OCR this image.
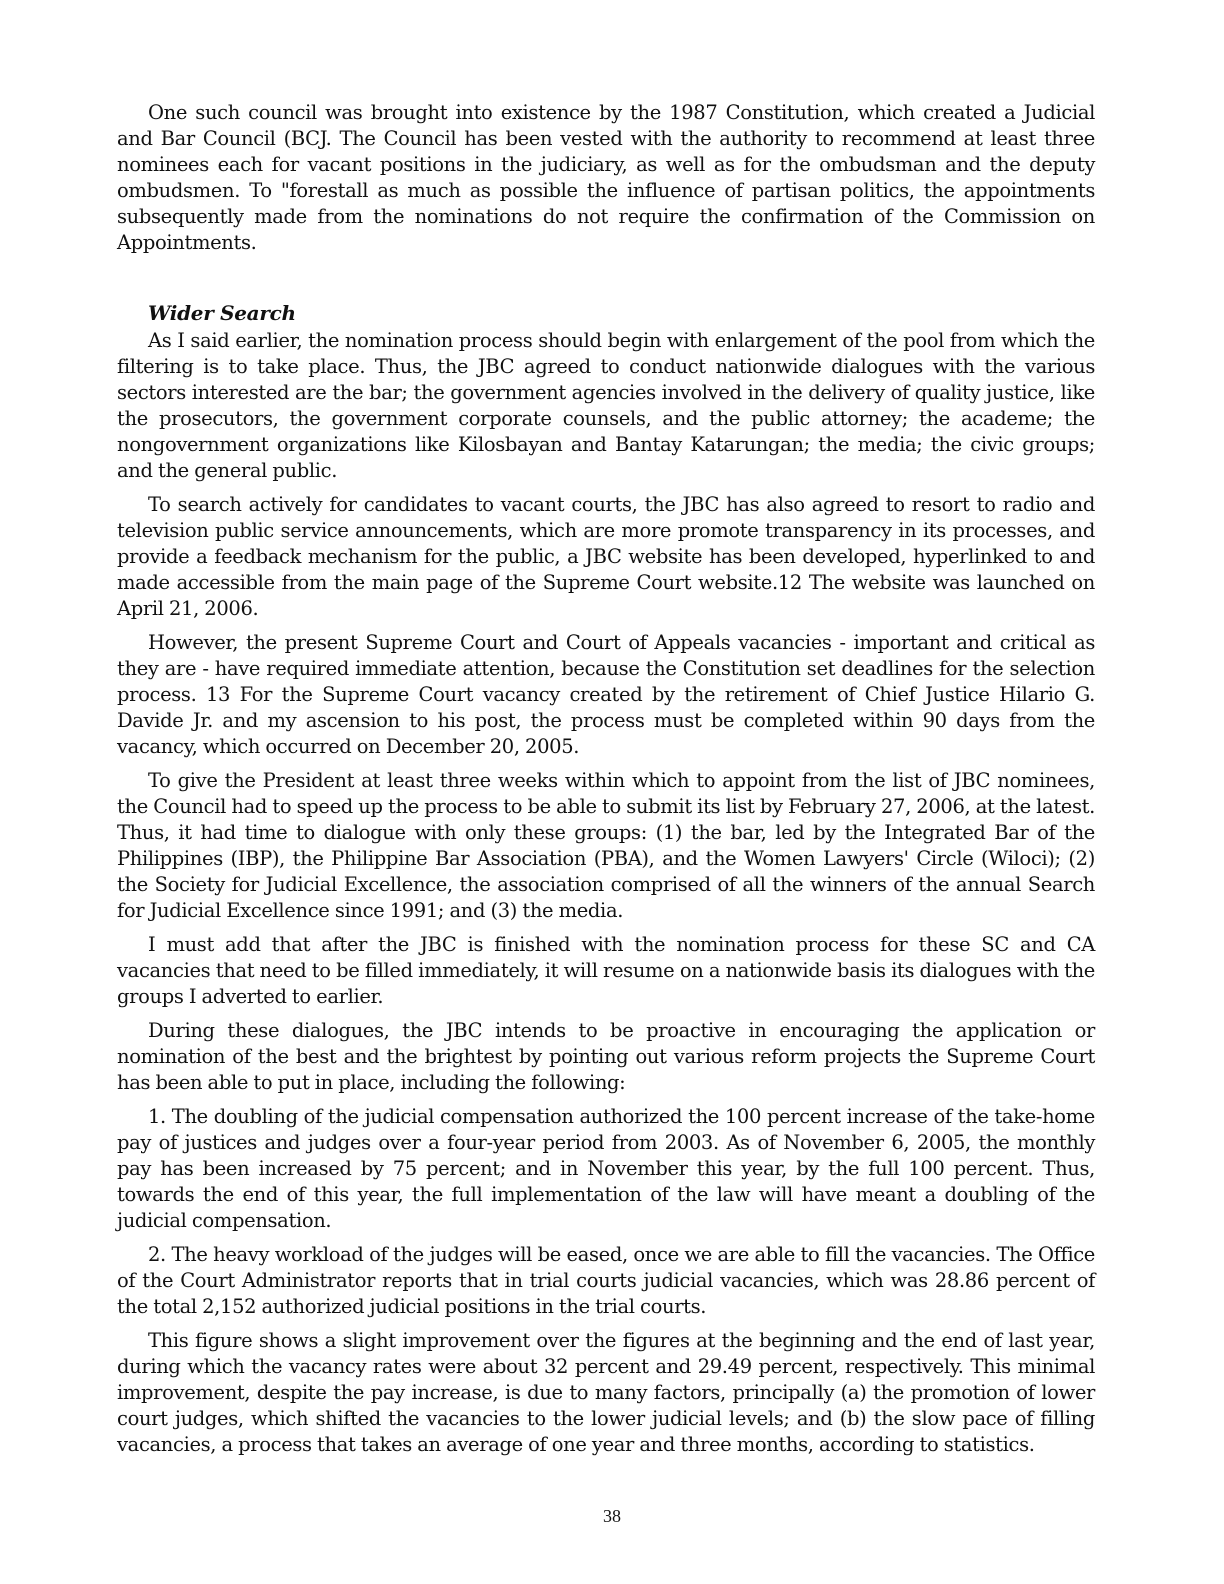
One such council was brought into existence by the 1987 Constitution, which created a Judicial and Bar Council (BCJ. The Council has been vested with the authority to recommend at least three nominees each for vacant positions in the judiciary, as well as for the ombudsman and the deputy ombudsmen. To "forestall as much as possible the influence of partisan politics, the appointments subsequently made from the nominations do not require the confirmation of the Commission on Appointments.

Wider Search

As I said earlier, the nomination process should begin with enlargement of the pool from which the filtering is to take place. Thus, the JBC agreed to conduct nationwide dialogues with the various sectors interested are the bar; the government agencies involved in the delivery of quality justice, like the prosecutors, the government corporate counsels, and the public attorney; the academe; the nongovernment organizations like Kilosbayan and Bantay Katarungan; the media; the civic groups; and the general public.

To search actively for candidates to vacant courts, the JBC has also agreed to resort to radio and television public service announcements, which are more promote transparency in its processes, and provide a feedback mechanism for the public, a JBC website has been developed, hyperlinked to and made accessible from the main page of the Supreme Court website.12 The website was launched on April 21, 2006.

However, the present Supreme Court and Court of Appeals vacancies - important and critical as they are - have required immediate attention, because the Constitution set deadlines for the selection process. 13 For the Supreme Court vacancy created by the retirement of Chief Justice Hilario G. Davide Jr. and my ascension to his post, the process must be completed within 90 days from the vacancy, which occurred on December 20, 2005.

To give the President at least three weeks within which to appoint from the list of JBC nominees, the Council had to speed up the process to be able to submit its list by February 27, 2006, at the latest. Thus, it had time to dialogue with only these groups: (1) the bar, led by the Integrated Bar of the Philippines (IBP), the Philippine Bar Association (PBA), and the Women Lawyers' Circle (Wiloci); (2) the Society for Judicial Excellence, the association comprised of all the winners of the annual Search for Judicial Excellence since 1991; and (3) the media.

I must add that after the JBC is finished with the nomination process for these SC and CA vacancies that need to be filled immediately, it will resume on a nationwide basis its dialogues with the groups I adverted to earlier.

During these dialogues, the JBC intends to be proactive in encouraging the application or nomination of the best and the brightest by pointing out various reform projects the Supreme Court has been able to put in place, including the following:

1. The doubling of the judicial compensation authorized the 100 percent increase of the take-home pay of justices and judges over a four-year period from 2003. As of November 6, 2005, the monthly pay has been increased by 75 percent; and in November this year, by the full 100 percent. Thus, towards the end of this year, the full implementation of the law will have meant a doubling of the judicial compensation.

2. The heavy workload of the judges will be eased, once we are able to fill the vacancies. The Office of the Court Administrator reports that in trial courts judicial vacancies, which was 28.86 percent of the total 2,152 authorized judicial positions in the trial courts.

This figure shows a slight improvement over the figures at the beginning and the end of last year, during which the vacancy rates were about 32 percent and 29.49 percent, respectively. This minimal improvement, despite the pay increase, is due to many factors, principally (a) the promotion of lower court judges, which shifted the vacancies to the lower judicial levels; and (b) the slow pace of filling vacancies, a process that takes an average of one year and three months, according to statistics.

38
